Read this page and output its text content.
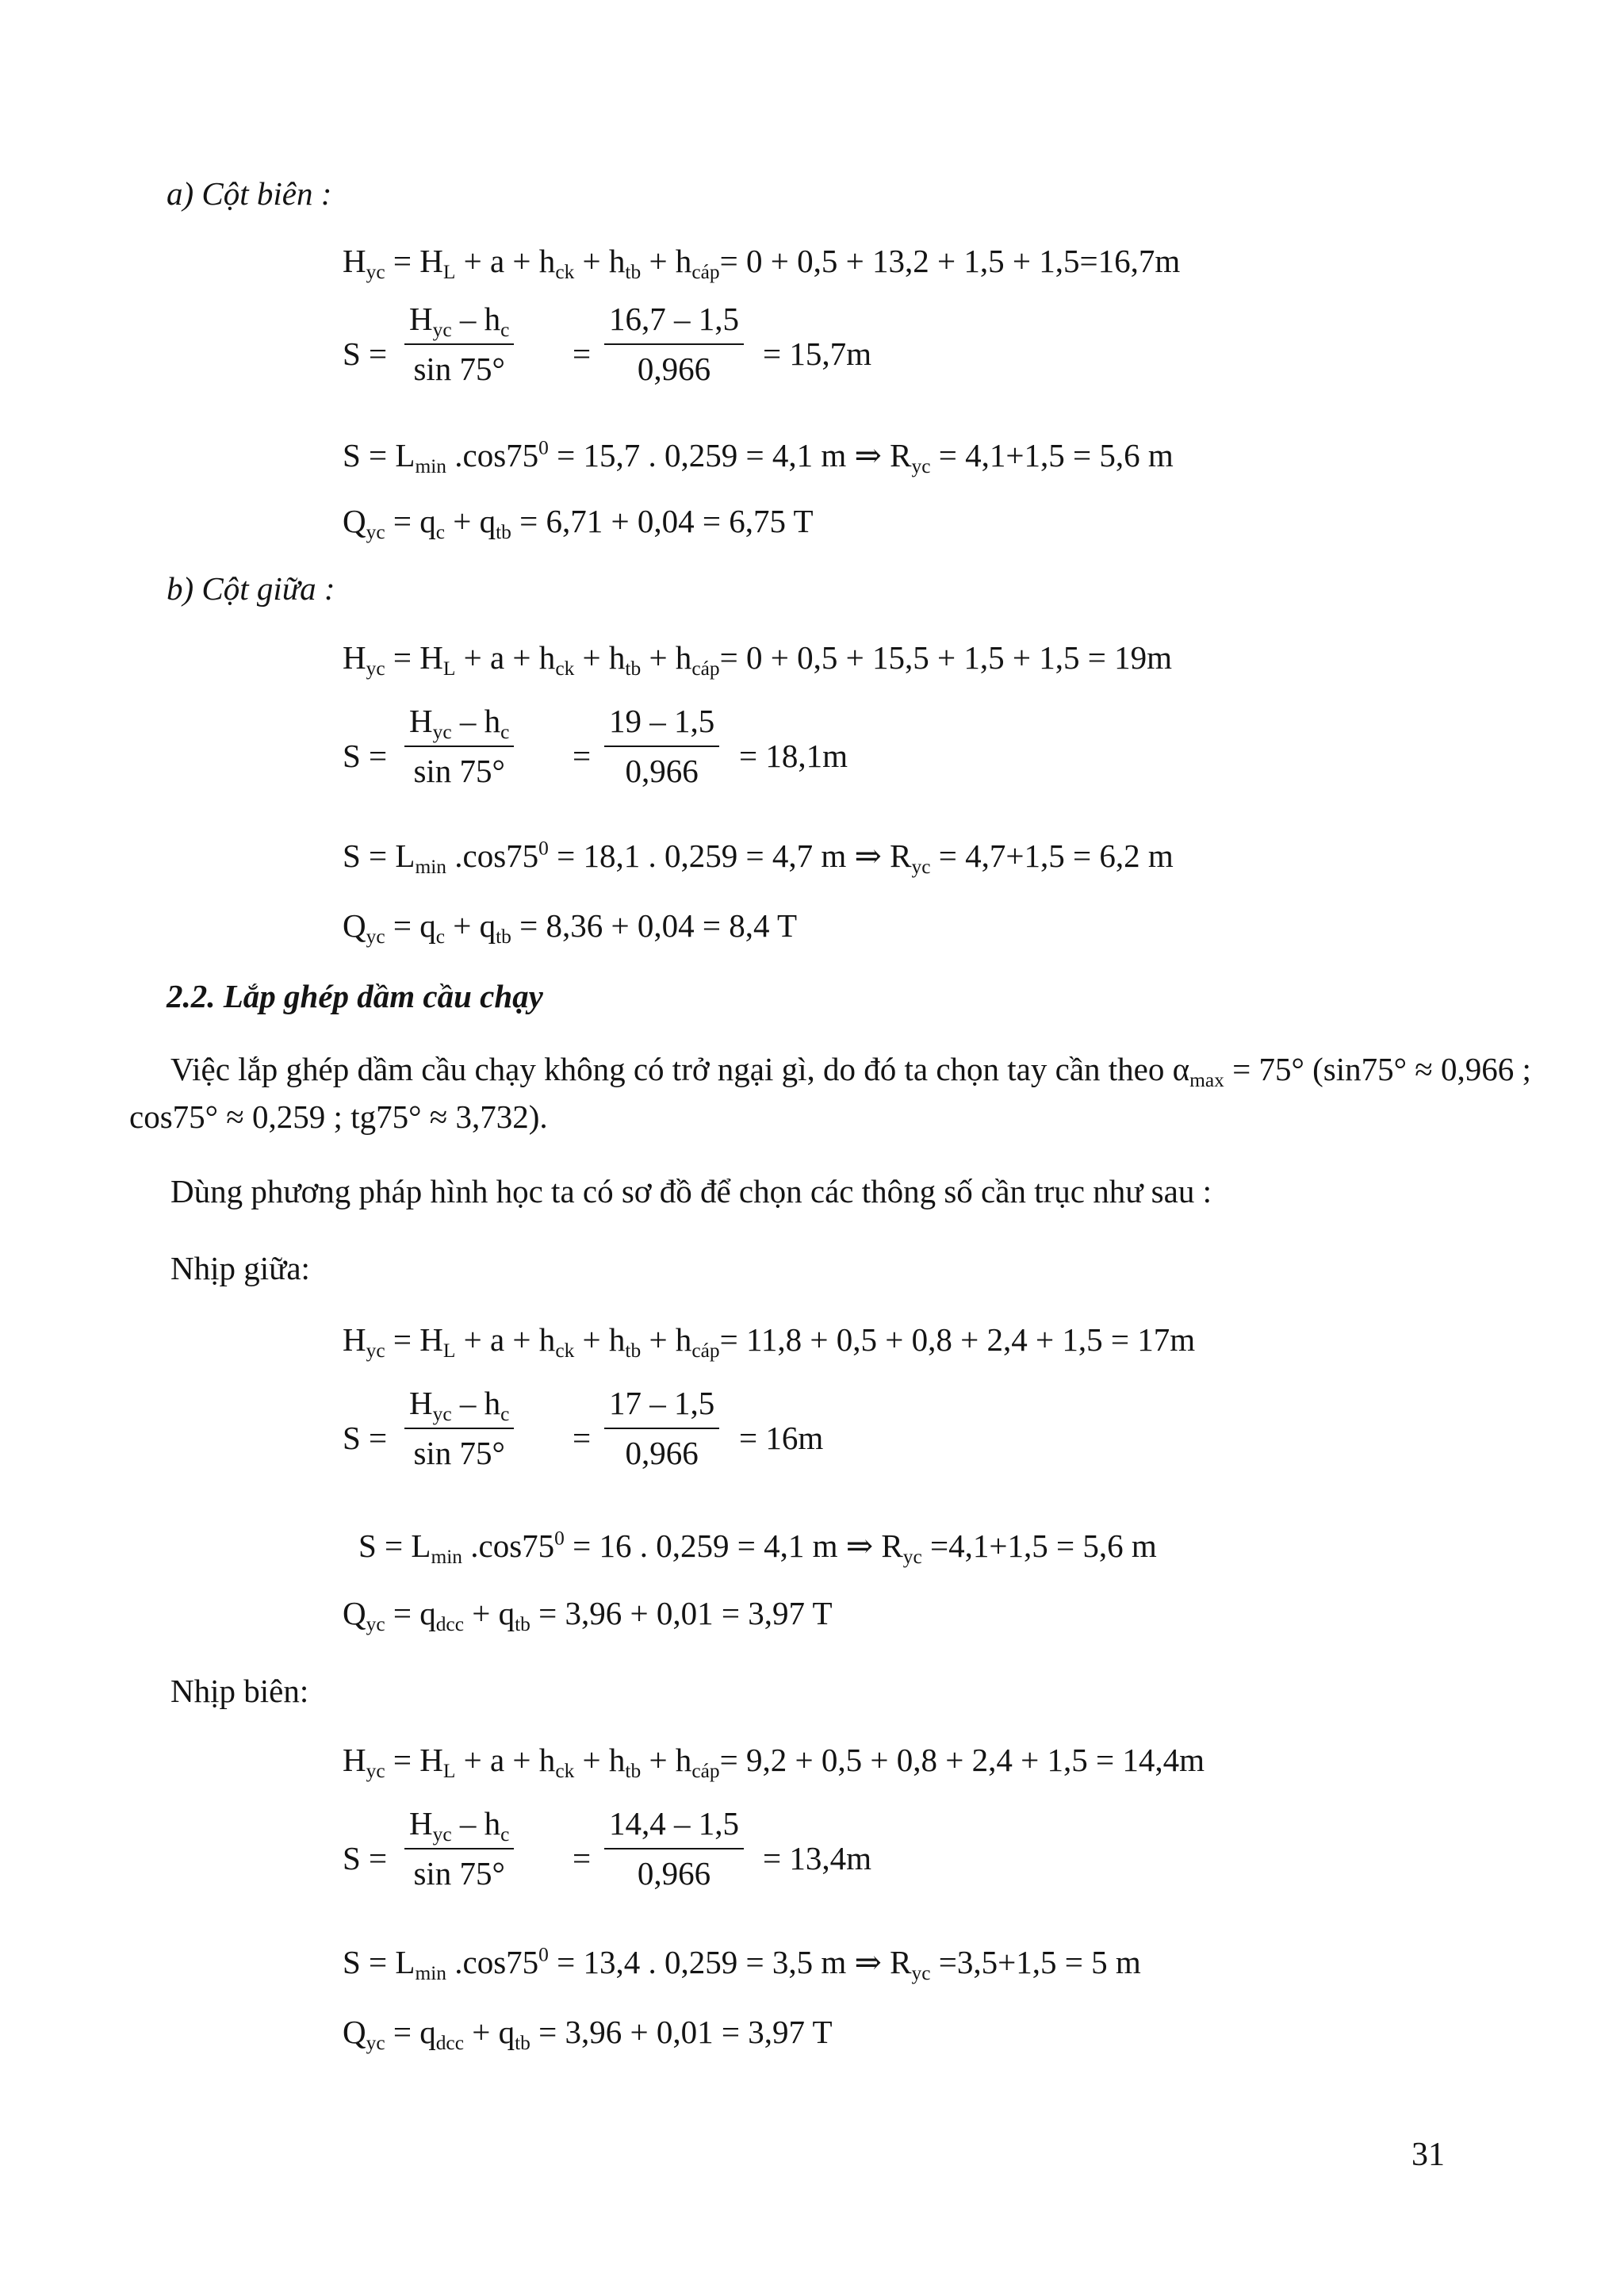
a) Cột biên :
$H_{yc} = H_L + a + h_{ck} + h_{tb} + h_{cáp}= 0 + 0,5 + 13,2 + 1,5 + 1,5=16,7m$
S =
$H_{yc} - h_c$
sin 75° =
16,7 – 1,5
0,966	= 15,7m
$S = L_{min}$ $.\cos 75^0 = 15,7$ . 0,259 = 4,1 m ⇒ $R_{yc} = 4,1+1,5 = 5,6$ m
$Q_{yc} = q_c + q_{tb} = 6,71 + 0,04 = 6,75$ T
b) Cột giữa :
$H_{yc} = H_L + a + h_{ck} + h_{tb} + h_{cáp}= 0 + 0,5 + 15,5 + 1,5 + 1,5 = 19m$
S =
$H_{yc} - h_c$
sin 75° =
19 – 1,5
0,966	= 18,1m
$S = L_{min}$ $.\cos 75^0 = 18,1$ . 0,259 = 4,7 m ⇒ $R_{yc} = 4,7+1,5 = 6,2$ m
$Q_{yc} = q_c + q_{tb} = 8,36 + 0,04 = 8,4$ T
2.2. Lắp ghép dầm cầu chạy
Việc lắp ghép dầm cầu chạy không có trở ngại gì, do đó ta chọn tay cần theo $\alpha_{max} = 75^\circ$ (sin75° ≈ 0,966 ; cos75° ≈ 0,259 ; tg75° ≈ 3,732).
Dùng phương pháp hình học ta có sơ đồ để chọn các thông số cần trục như sau :
Nhịp giữa:
$H_{yc} = H_L + a + h_{ck} + h_{tb} + h_{cáp}= 11,8 + 0,5 + 0,8 + 2,4 + 1,5 = 17m$
S =
$H_{yc} - h_c$
sin 75° =
17 – 1,5
0,966	= 16m
$S = L_{min}$ $.\cos 75^0 = 16$ . 0,259 = 4,1 m ⇒ $R_{yc} =4,1+1,5 = 5,6$ m
$Q_{yc} = q_{dcc} + q_{tb} = 3,96 + 0,01 = 3,97$ T
Nhịp biên:
$H_{yc} = H_L + a + h_{ck} + h_{tb} + h_{cáp}= 9,2 + 0,5 + 0,8 + 2,4 + 1,5 = 14,4m$
S =
$H_{yc} - h_c$
sin 75° =
14,4 – 1,5
0,966	= 13,4m
$S = L_{min}$ $.\cos 75^0 = 13,4$ . 0,259 = 3,5 m ⇒ $R_{yc} =3,5+1,5 = 5$ m
$Q_{yc} = q_{dcc} + q_{tb} = 3,96 + 0,01 = 3,97$ T
31
